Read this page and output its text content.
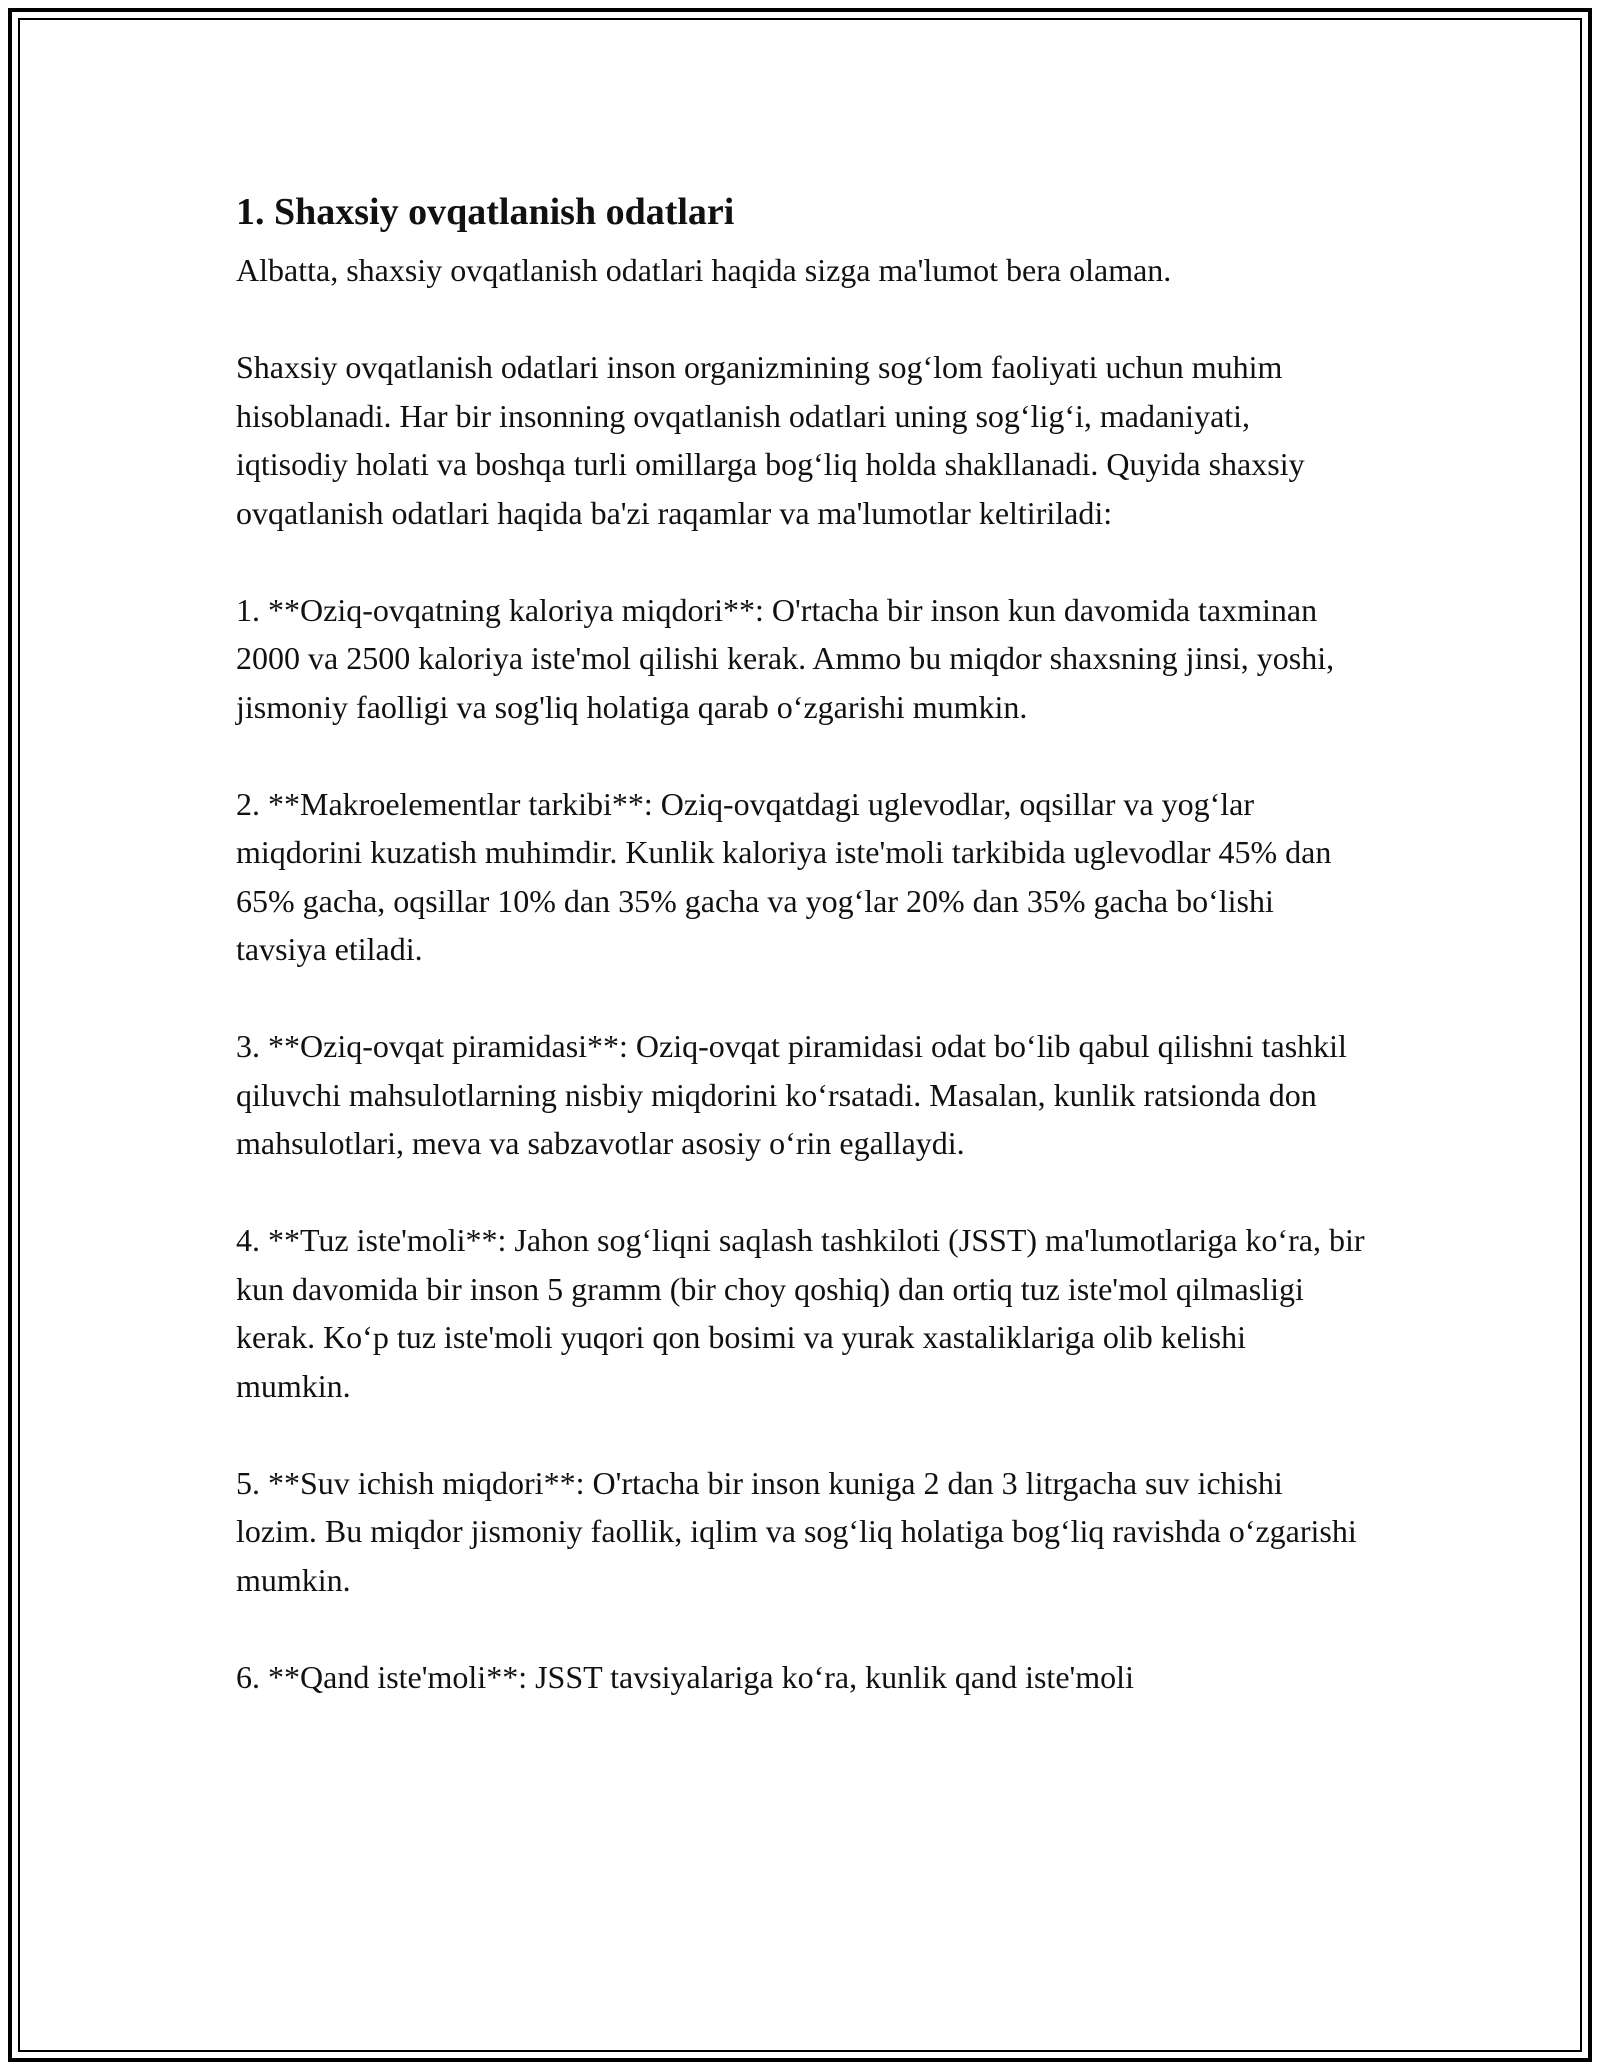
1. Shaxsiy ovqatlanish odatlari

Albatta, shaxsiy ovqatlanish odatlari haqida sizga ma'lumot bera olaman.

Shaxsiy ovqatlanish odatlari inson organizmining sog‘lom faoliyati uchun muhim hisoblanadi. Har bir insonning ovqatlanish odatlari uning sog‘lig‘i, madaniyati, iqtisodiy holati va boshqa turli omillarga bog‘liq holda shakllanadi. Quyida shaxsiy ovqatlanish odatlari haqida ba'zi raqamlar va ma'lumotlar keltiriladi:

1. **Oziq-ovqatning kaloriya miqdori**: O'rtacha bir inson kun davomida taxminan 2000 va 2500 kaloriya iste'mol qilishi kerak. Ammo bu miqdor shaxsning jinsi, yoshi, jismoniy faolligi va sog'liq holatiga qarab o‘zgarishi mumkin.

2. **Makroelementlar tarkibi**: Oziq-ovqatdagi uglevodlar, oqsillar va yog‘lar miqdorini kuzatish muhimdir. Kunlik kaloriya iste'moli tarkibida uglevodlar 45% dan 65% gacha, oqsillar 10% dan 35% gacha va yog‘lar 20% dan 35% gacha bo‘lishi tavsiya etiladi.

3. **Oziq-ovqat piramidasi**: Oziq-ovqat piramidasi odat bo‘lib qabul qilishni tashkil qiluvchi mahsulotlarning nisbiy miqdorini ko‘rsatadi. Masalan, kunlik ratsionda don mahsulotlari, meva va sabzavotlar asosiy o‘rin egallaydi.

4. **Tuz iste'moli**: Jahon sog‘liqni saqlash tashkiloti (JSST) ma'lumotlariga ko‘ra, bir kun davomida bir inson 5 gramm (bir choy qoshiq) dan ortiq tuz iste'mol qilmasligi kerak. Ko‘p tuz iste'moli yuqori qon bosimi va yurak xastaliklariga olib kelishi mumkin.

5. **Suv ichish miqdori**: O'rtacha bir inson kuniga 2 dan 3 litrgacha suv ichishi lozim. Bu miqdor jismoniy faollik, iqlim va sog‘liq holatiga bog‘liq ravishda o‘zgarishi mumkin.

6. **Qand iste'moli**: JSST tavsiyalariga ko‘ra, kunlik qand iste'moli
